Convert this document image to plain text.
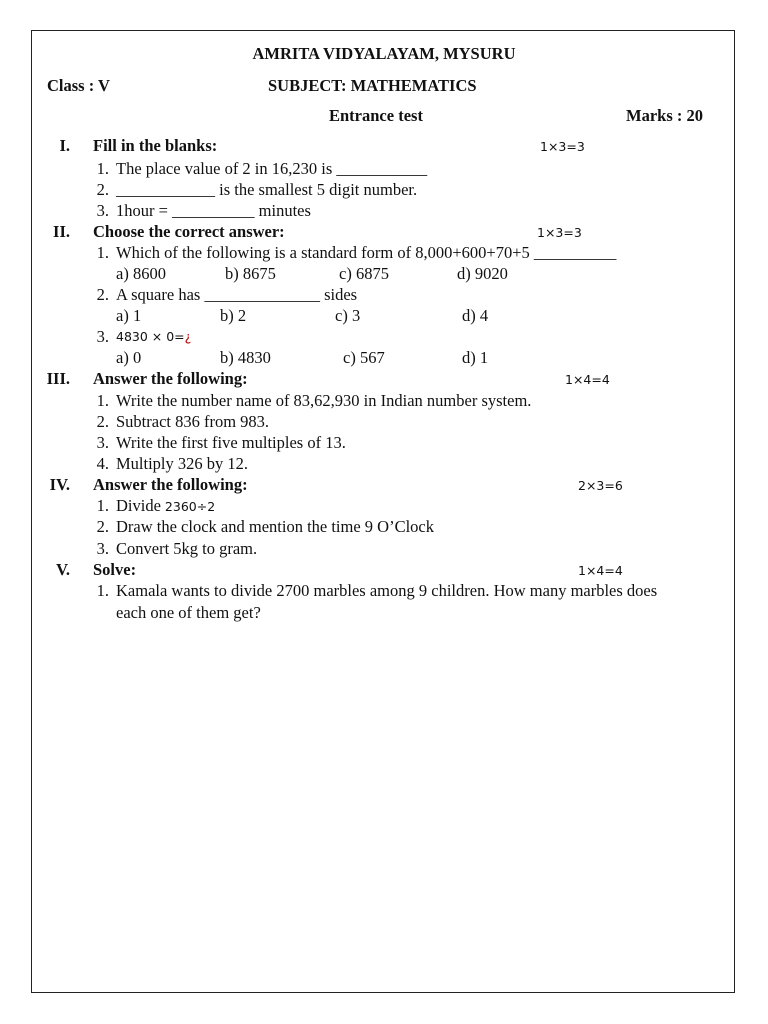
AMRITA VIDYALAYAM, MYSURU
Class : V	SUBJECT: MATHEMATICS
Entrance test	Marks : 20
I. Fill in the blanks:	1×3=3
1. The place value of 2 in 16,230 is ___________
2. ____________ is the smallest 5 digit number.
3. 1hour = __________ minutes
II. Choose the correct answer:	1×3=3
1. Which of the following is a standard form of 8,000+600+70+5 __________
a) 8600	b) 8675	c) 6875	d) 9020
2. A square has ______________ sides
a) 1	b) 2	c) 3	d) 4
3. 4830 × 0=¿
a) 0	b) 4830	c) 567	d) 1
III. Answer the following:	1×4=4
1. Write the number name of 83,62,930 in Indian number system.
2. Subtract 836 from 983.
3. Write the first five multiples of 13.
4. Multiply 326 by 12.
IV. Answer the following:	2×3=6
1. Divide 2360÷2
2. Draw the clock and mention the time 9 O’Clock
3. Convert 5kg to gram.
V. Solve:	1×4=4
1. Kamala wants to divide 2700 marbles among 9 children. How many marbles does
each one of them get?
